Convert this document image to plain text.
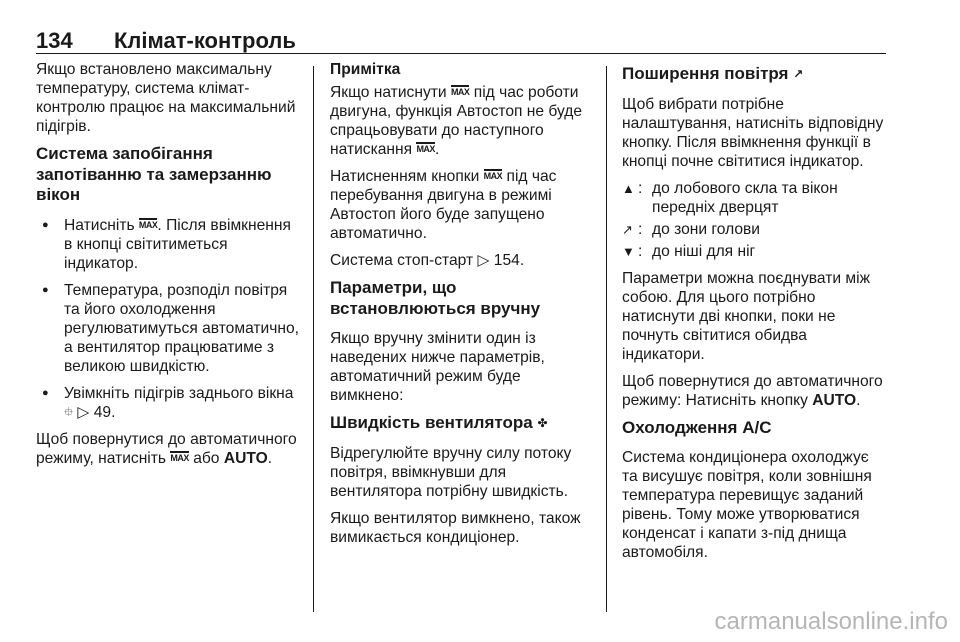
134 Клімат-контроль

Якщо встановлено максимальну температуру, система клімат-контролю працює на максимальний підігрів.

Система запобігання запотіванню та замерзанню вікон
● Натисніть MAX. Після ввімкнення в кнопці світитиметься індикатор.
● Температура, розподіл повітря та його охолодження регулюватимуться автоматично, а вентилятор працюватиме з великою швидкістю.
● Увімкніть підігрів заднього вікна ⯐ ▷ 49.

Щоб повернутися до автоматичного режиму, натисніть MAX або AUTO.

Примітка

Якщо натиснути MAX під час роботи двигуна, функція Автостоп не буде спрацьовувати до наступного натискання MAX.

Натисненням кнопки MAX під час перебування двигуна в режимі Автостоп його буде запущено автоматично.

Система стоп-старт ▷ 154.

Параметри, що встановлюються вручну

Якщо вручну змінити один із наведених нижче параметрів, автоматичний режим буде вимкнено:

Швидкість вентилятора ✤

Відрегулюйте вручну силу потоку повітря, ввімкнувши для вентилятора потрібну швидкість.

Якщо вентилятор вимкнено, також вимикається кондиціонер.

Поширення повітря ↗

Щоб вибрати потрібне налаштування, натисніть відповідну кнопку. Після ввімкнення функції в кнопці почне світитися індикатор.

▲ : до лобового скла та вікон передніх дверцят
↗ : до зони голови
▼ : до ніші для ніг

Параметри можна поєднувати між собою. Для цього потрібно натиснути дві кнопки, поки не почнуть світитися обидва індикатори.

Щоб повернутися до автоматичного режиму: Натисніть кнопку AUTO.

Охолодження A/C

Система кондиціонера охолоджує та висушує повітря, коли зовнішня температура перевищує заданий рівень. Тому може утворюватися конденсат і капати з-під днища автомобіля.

carmanualsonline.info
